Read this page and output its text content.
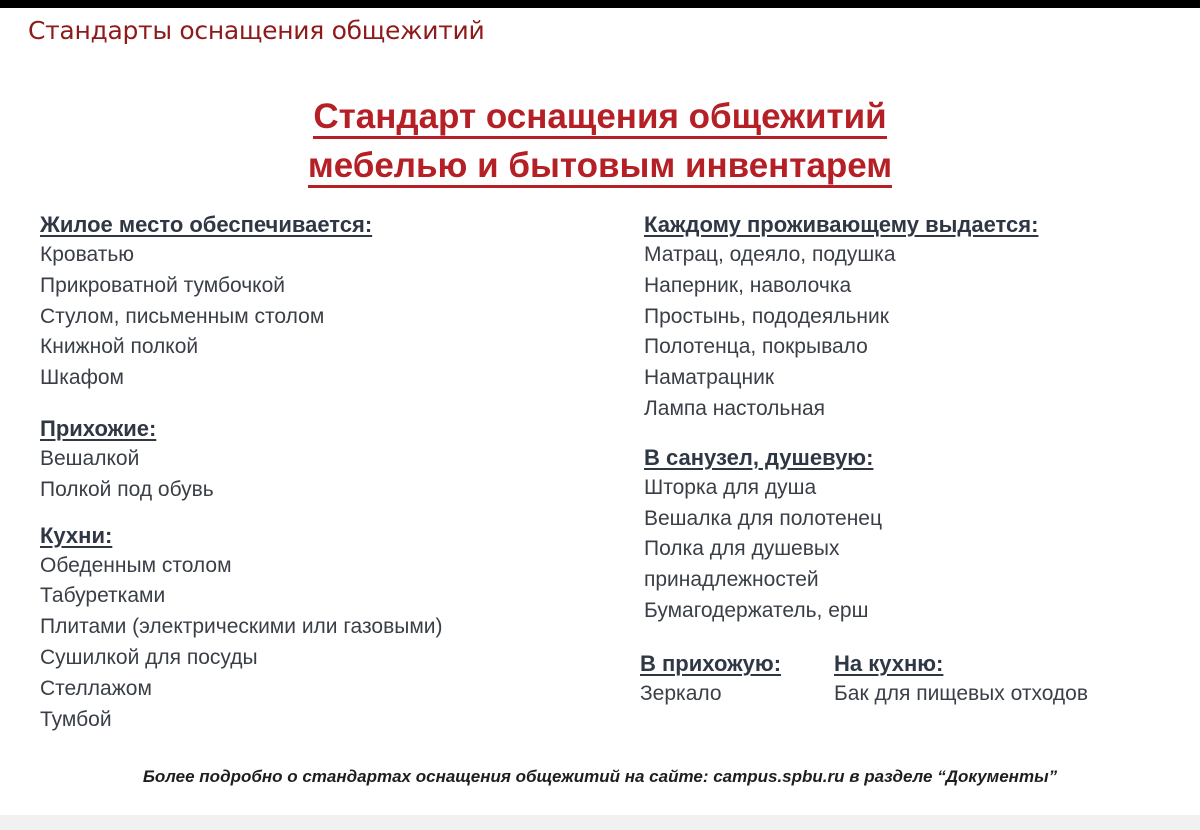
Стандарты оснащения общежитий
Стандарт оснащения общежитий
мебелью и бытовым инвентарем
Жилое место обеспечивается:
Кроватью
Прикроватной тумбочкой
Стулом, письменным столом
Книжной полкой
Шкафом
Прихожие:
Вешалкой
Полкой под обувь
Кухни:
Обеденным столом
Табуретками
Плитами (электрическими или газовыми)
Сушилкой для посуды
Стеллажом
Тумбой
Каждому проживающему выдается:
Матрац, одеяло, подушка
Наперник, наволочка
Простынь, пододеяльник
Полотенца, покрывало
Наматрацник
Лампа настольная
В санузел, душевую:
Шторка для душа
Вешалка для полотенец
Полка для душевых
принадлежностей
Бумагодержатель, ерш
В прихожую:
Зеркало
На кухню:
Бак для пищевых отходов
Более подробно о стандартах оснащения общежитий на сайте: campus.spbu.ru в разделе “Документы”
